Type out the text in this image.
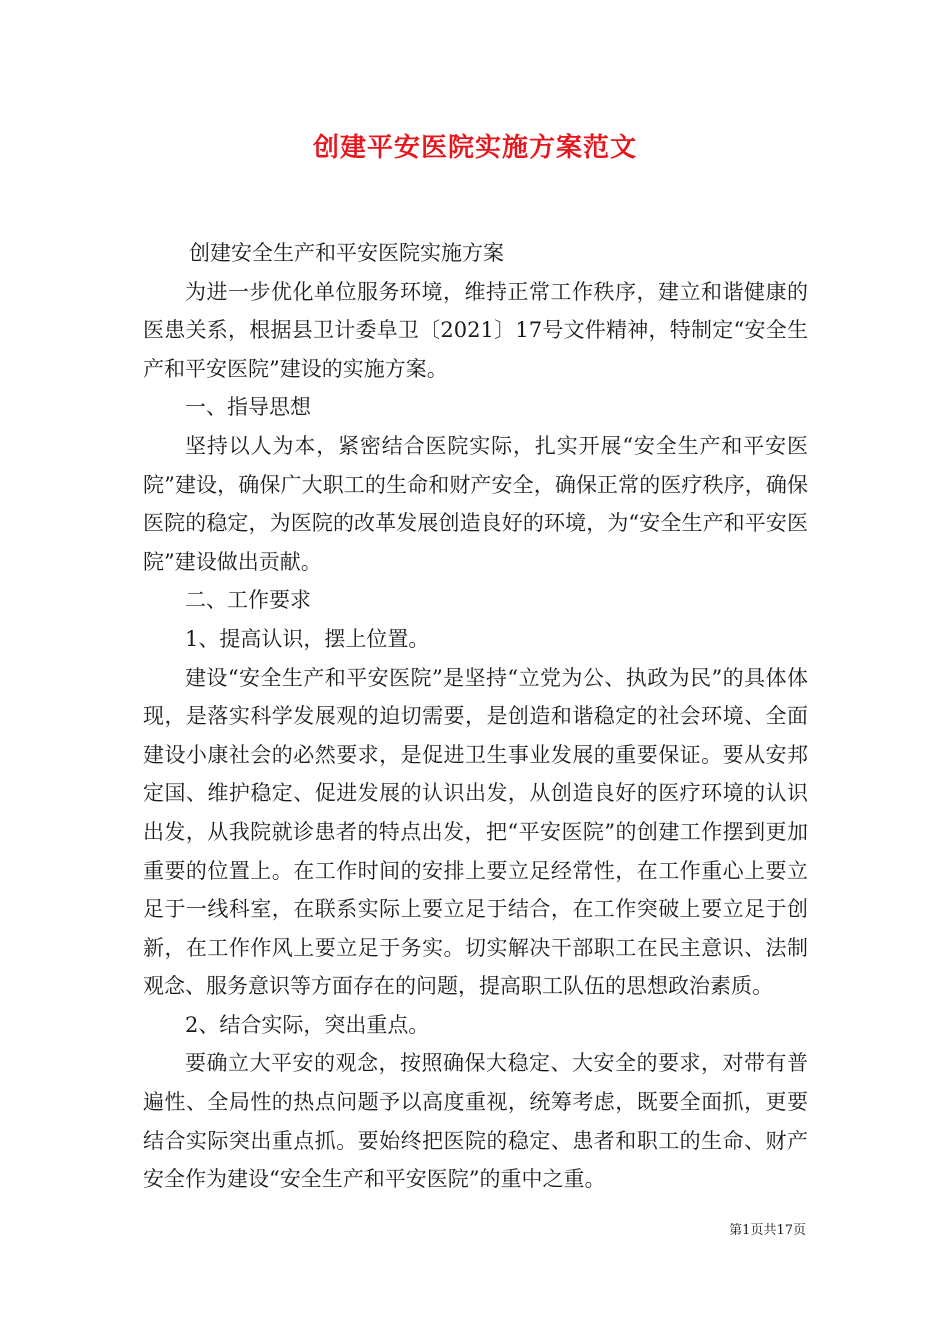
创建平安医院实施方案范文

创建安全生产和平安医院实施方案

为进一步优化单位服务环境，维持正常工作秩序，建立和谐健康的医患关系，根据县卫计委阜卫〔2021〕17号文件精神，特制定“安全生产和平安医院”建设的实施方案。

一、指导思想

坚持以人为本，紧密结合医院实际，扎实开展“安全生产和平安医院”建设，确保广大职工的生命和财产安全，确保正常的医疗秩序，确保医院的稳定，为医院的改革发展创造良好的环境，为“安全生产和平安医院”建设做出贡献。

二、工作要求

1、提高认识，摆上位置。

建设“安全生产和平安医院”是坚持“立党为公、执政为民”的具体体现，是落实科学发展观的迫切需要，是创造和谐稳定的社会环境、全面建设小康社会的必然要求，是促进卫生事业发展的重要保证。要从安邦定国、维护稳定、促进发展的认识出发，从创造良好的医疗环境的认识出发，从我院就诊患者的特点出发，把“平安医院”的创建工作摆到更加重要的位置上。在工作时间的安排上要立足经常性，在工作重心上要立足于一线科室，在联系实际上要立足于结合，在工作突破上要立足于创新，在工作作风上要立足于务实。切实解决干部职工在民主意识、法制观念、服务意识等方面存在的问题，提高职工队伍的思想政治素质。

2、结合实际，突出重点。

要确立大平安的观念，按照确保大稳定、大安全的要求，对带有普遍性、全局性的热点问题予以高度重视，统筹考虑，既要全面抓，更要结合实际突出重点抓。要始终把医院的稳定、患者和职工的生命、财产安全作为建设“安全生产和平安医院”的重中之重。

第1页共17页
